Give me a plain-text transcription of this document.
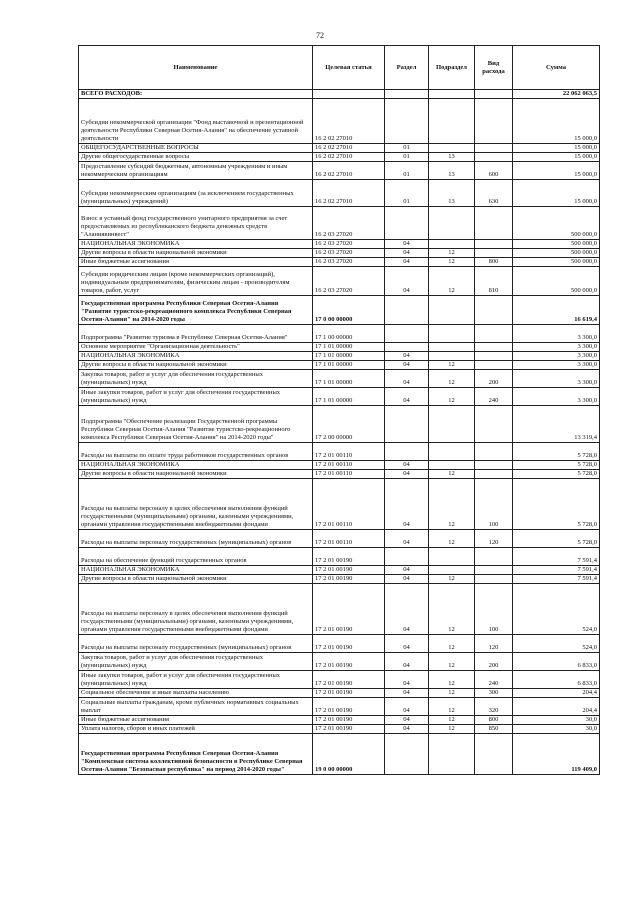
72
Наименование	Целевая статья	Раздел	Подраздел	Вид расхода	Сумма
ВСЕГО РАСХОДОВ:					22 062 063,5
Субсидии некоммерческой организации "Фонд выставочной и презентационной деятельности Республики Северная Осетия-Алания" на обеспечение уставной деятельности	16 2 02 27010				15 000,0
ОБЩЕГОСУДАРСТВЕННЫЕ ВОПРОСЫ	16 2 02 27010	01			15 000,0
Другие общегосударственные вопросы	16 2 02 27010	01	13		15 000,0
Предоставление субсидий бюджетным, автономным учреждениям и иным некоммерческим организациям	16 2 02 27010	01	13	600	15 000,0
Субсидии некоммерческим организациям (за исключением государственных (муниципальных) учреждений)	16 2 02 27010	01	13	630	15 000,0
Взнос в уставный фонд государственного унитарного предприятия за счет предоставляемых из республиканского бюджета денежных средств "Аланиявинвест"	16 2 03 27020				500 000,0
НАЦИОНАЛЬНАЯ ЭКОНОМИКА	16 2 03 27020	04			500 000,0
Другие вопросы в области национальной экономики	16 2 03 27020	04	12		500 000,0
Иные бюджетные ассигнования	16 2 03 27020	04	12	800	500 000,0
Субсидии юридическим лицам (кроме некоммерческих организаций), индивидуальным предпринимателям, физическим лицам - производителям товаров, работ, услуг	16 2 03 27020	04	12	810	500 000,0
Государственная программа Республики Северная Осетия-Алания "Развитие туристско-рекреационного комплекса Республики Северная Осетия-Алания" на 2014-2020 годы	17 0 00 00000				16 619,4
Подпрограмма "Развитие туризма в Республике Северная Осетия-Алания"	17 1 00 00000				3 300,0
Основное мероприятие "Организационная деятельность"	17 1 01 00000				3 300,0
НАЦИОНАЛЬНАЯ ЭКОНОМИКА	17 1 01 00000	04			3 300,0
Другие вопросы в области национальной экономики	17 1 01 00000	04	12		3 300,0
Закупка товаров, работ и услуг для обеспечения государственных (муниципальных) нужд	17 1 01 00000	04	12	200	3 300,0
Иные закупки товаров, работ и услуг для обеспечения государственных (муниципальных) нужд	17 1 01 00000	04	12	240	3 300,0
Подпрограмма "Обеспечение реализации Государственной программы Республики Северная Осетия-Алания "Развитие туристско-рекреационного комплекса Республики Северная Осетия-Алания" на 2014-2020 годы"	17 2 00 00000				13 319,4
Расходы на выплаты по оплате труда работников государственных органов	17 2 01 00110				5 728,0
НАЦИОНАЛЬНАЯ ЭКОНОМИКА	17 2 01 00110	04			5 728,0
Другие вопросы в области национальной экономики	17 2 01 00110	04	12		5 728,0
Расходы на выплаты персоналу в целях обеспечения выполнения функций государственными (муниципальными) органами, казенными учреждениями, органами управления государственными внебюджетными фондами	17 2 01 00110	04	12	100	5 728,0
Расходы на выплаты персоналу государственных (муниципальных) органов	17 2 01 00110	04	12	120	5 728,0
Расходы на обеспечение функций государственных органов	17 2 01 00190				7 591,4
НАЦИОНАЛЬНАЯ ЭКОНОМИКА	17 2 01 00190	04			7 591,4
Другие вопросы в области национальной экономики	17 2 01 00190	04	12		7 591,4
Расходы на выплаты персоналу в целях обеспечения выполнения функций государственными (муниципальными) органами, казенными учреждениями, органами управления государственными внебюджетными фондами	17 2 01 00190	04	12	100	524,0
Расходы на выплаты персоналу государственных (муниципальных) органов	17 2 01 00190	04	12	120	524,0
Закупка товаров, работ и услуг для обеспечения государственных (муниципальных) нужд	17 2 01 00190	04	12	200	6 833,0
Иные закупки товаров, работ и услуг для обеспечения государственных (муниципальных) нужд	17 2 01 00190	04	12	240	6 833,0
Социальное обеспечение и иные выплаты населению	17 2 01 00190	04	12	300	204,4
Социальные выплаты гражданам, кроме публичных нормативных социальных выплат	17 2 01 00190	04	12	320	204,4
Иные бюджетные ассигнования	17 2 01 00190	04	12	800	30,0
Уплата налогов, сборов и иных платежей	17 2 01 00190	04	12	850	30,0
Государственная программа Республики Северная Осетия-Алания "Комплексная система коллективной безопасности в Республике Северная Осетия-Алания "Безопасная республика" на период 2014-2020 годы"	19 0 00 00000				119 409,0
